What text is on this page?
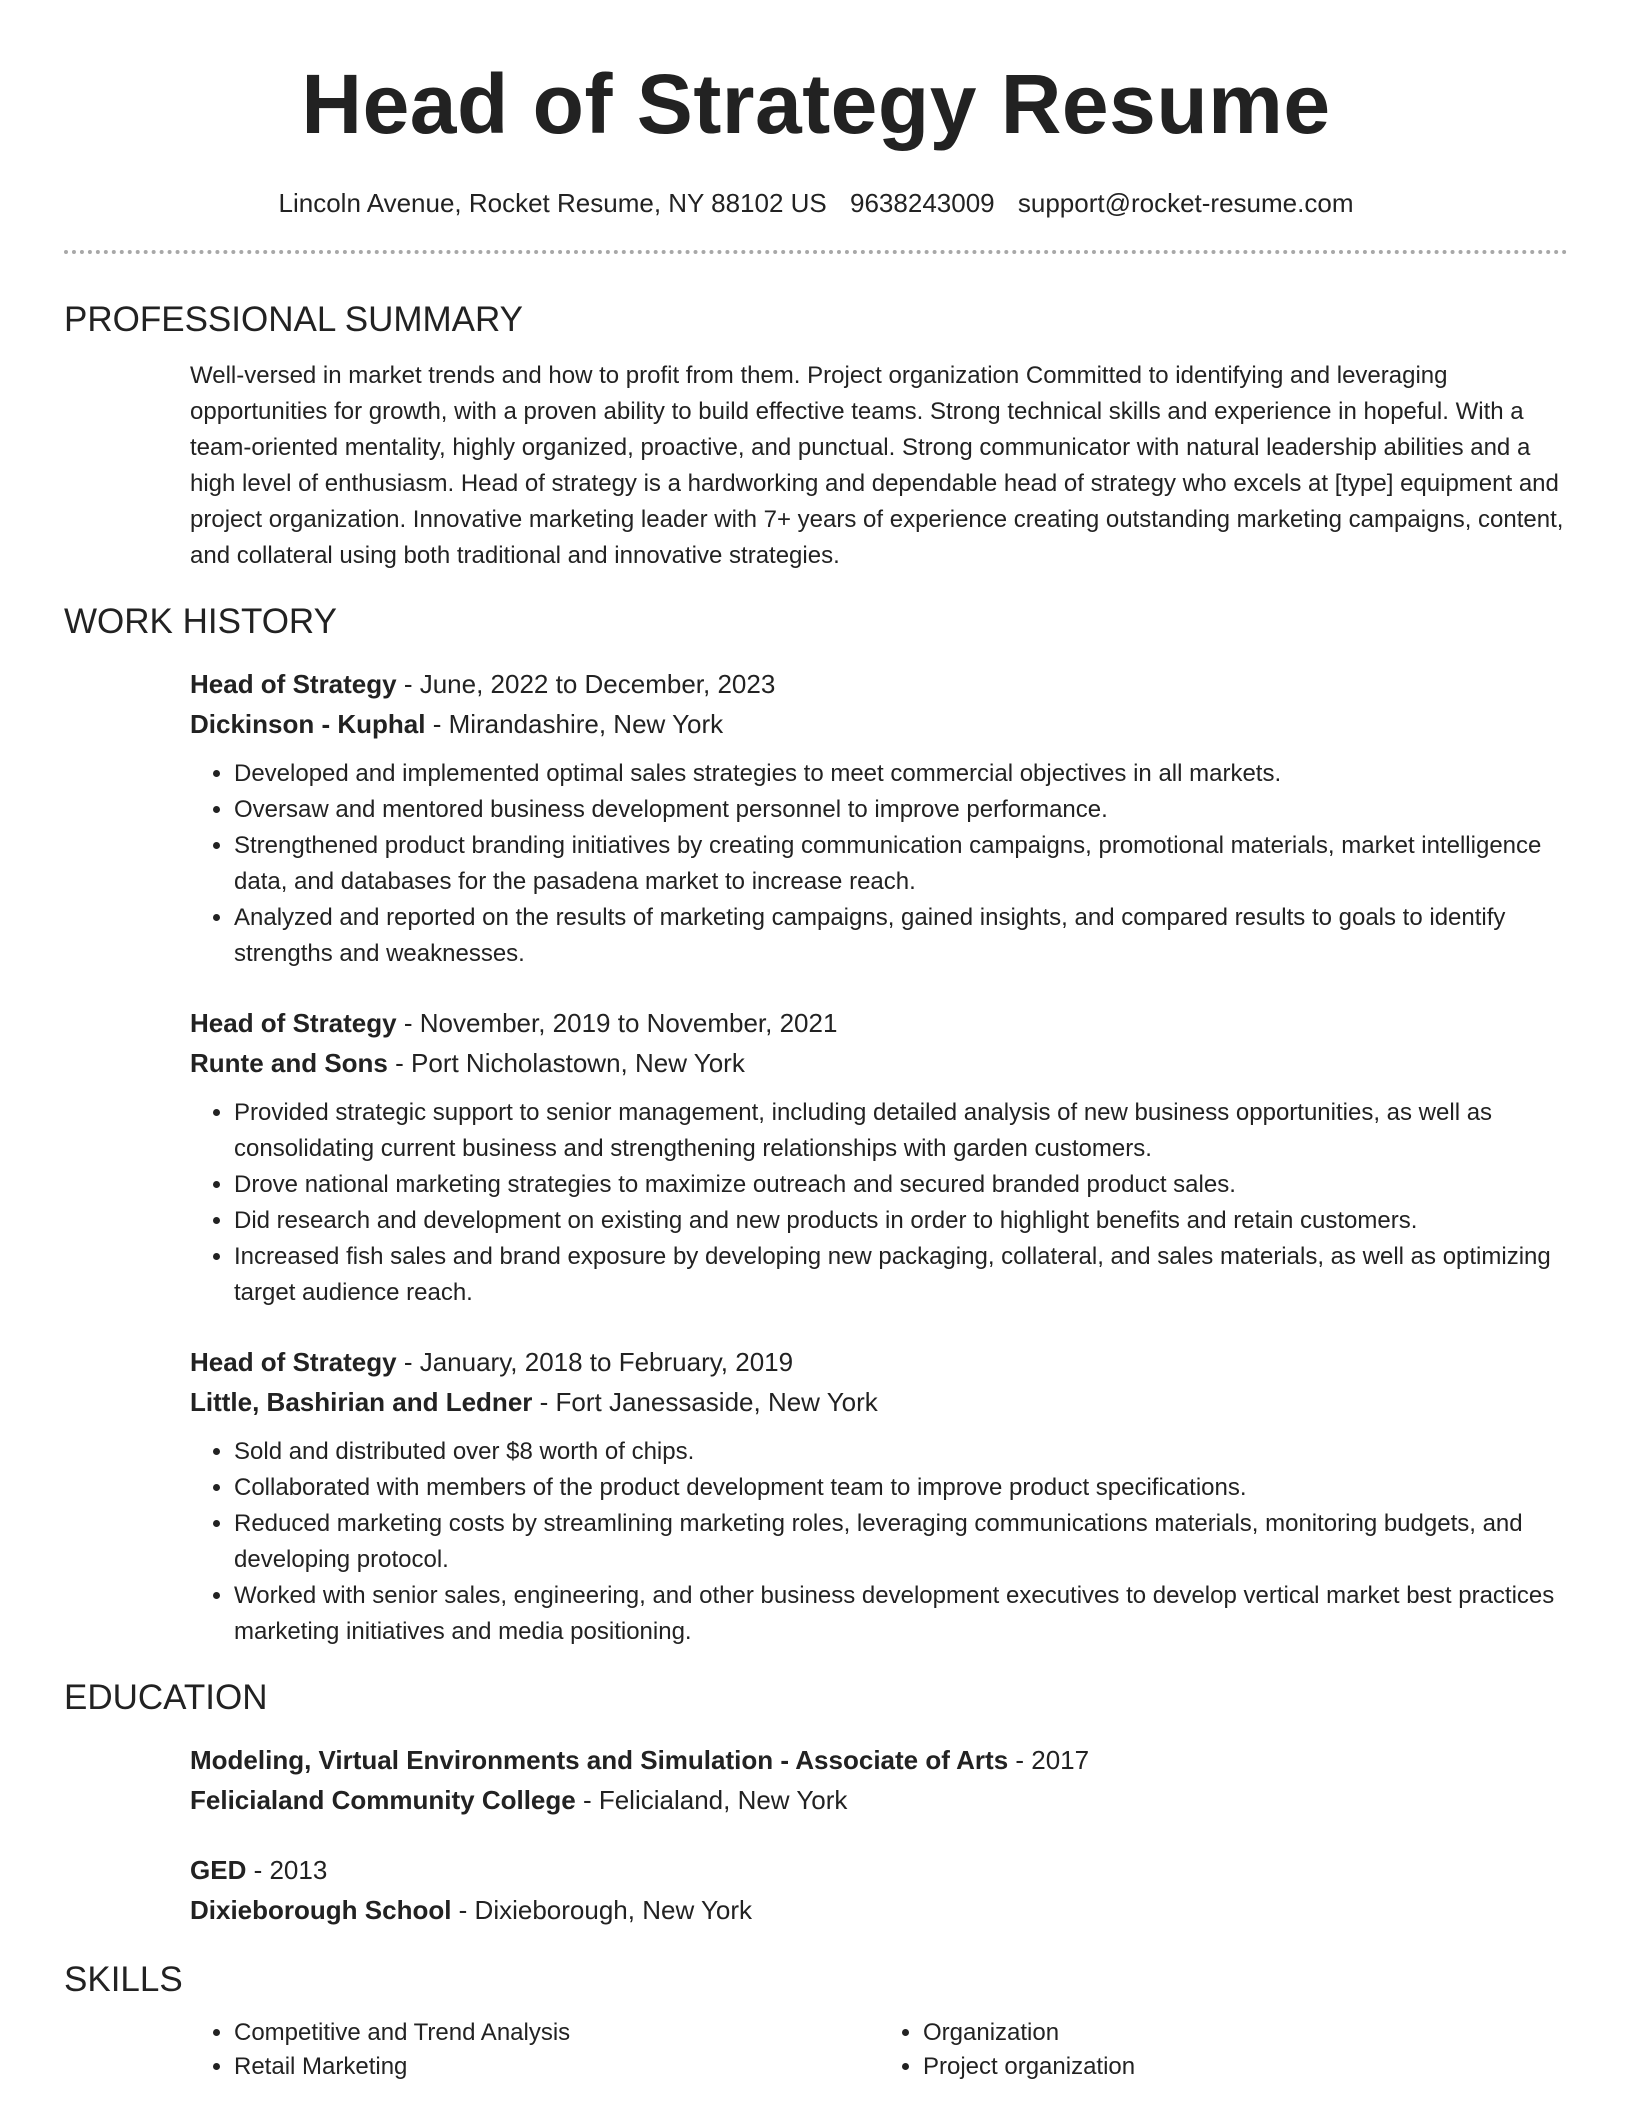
Head of Strategy Resume
Lincoln Avenue, Rocket Resume, NY 88102 US 9638243009 support@rocket-resume.com
PROFESSIONAL SUMMARY

Well-versed in market trends and how to profit from them. Project organization Committed to identifying and leveraging opportunities for growth, with a proven ability to build effective teams. Strong technical skills and experience in hopeful. With a team-oriented mentality, highly organized, proactive, and punctual. Strong communicator with natural leadership abilities and a high level of enthusiasm. Head of strategy is a hardworking and dependable head of strategy who excels at [type] equipment and project organization. Innovative marketing leader with 7+ years of experience creating outstanding marketing campaigns, content, and collateral using both traditional and innovative strategies.

WORK HISTORY
Head of Strategy - June, 2022 to December, 2023
Dickinson - Kuphal - Mirandashire, New York
• Developed and implemented optimal sales strategies to meet commercial objectives in all markets.
• Oversaw and mentored business development personnel to improve performance.
• Strengthened product branding initiatives by creating communication campaigns, promotional materials, market intelligence data, and databases for the pasadena market to increase reach.
• Analyzed and reported on the results of marketing campaigns, gained insights, and compared results to goals to identify strengths and weaknesses.
Head of Strategy - November, 2019 to November, 2021
Runte and Sons - Port Nicholastown, New York
• Provided strategic support to senior management, including detailed analysis of new business opportunities, as well as consolidating current business and strengthening relationships with garden customers.
• Drove national marketing strategies to maximize outreach and secured branded product sales.
• Did research and development on existing and new products in order to highlight benefits and retain customers.
• Increased fish sales and brand exposure by developing new packaging, collateral, and sales materials, as well as optimizing target audience reach.
Head of Strategy - January, 2018 to February, 2019
Little, Bashirian and Ledner - Fort Janessaside, New York
• Sold and distributed over $8 worth of chips.
• Collaborated with members of the product development team to improve product specifications.
• Reduced marketing costs by streamlining marketing roles, leveraging communications materials, monitoring budgets, and developing protocol.
• Worked with senior sales, engineering, and other business development executives to develop vertical market best practices marketing initiatives and media positioning.
EDUCATION
Modeling, Virtual Environments and Simulation - Associate of Arts - 2017
Felicialand Community College - Felicialand, New York
GED - 2013
Dixieborough School - Dixieborough, New York
SKILLS
• Competitive and Trend Analysis
• Retail Marketing
• Organization
• Project organization
